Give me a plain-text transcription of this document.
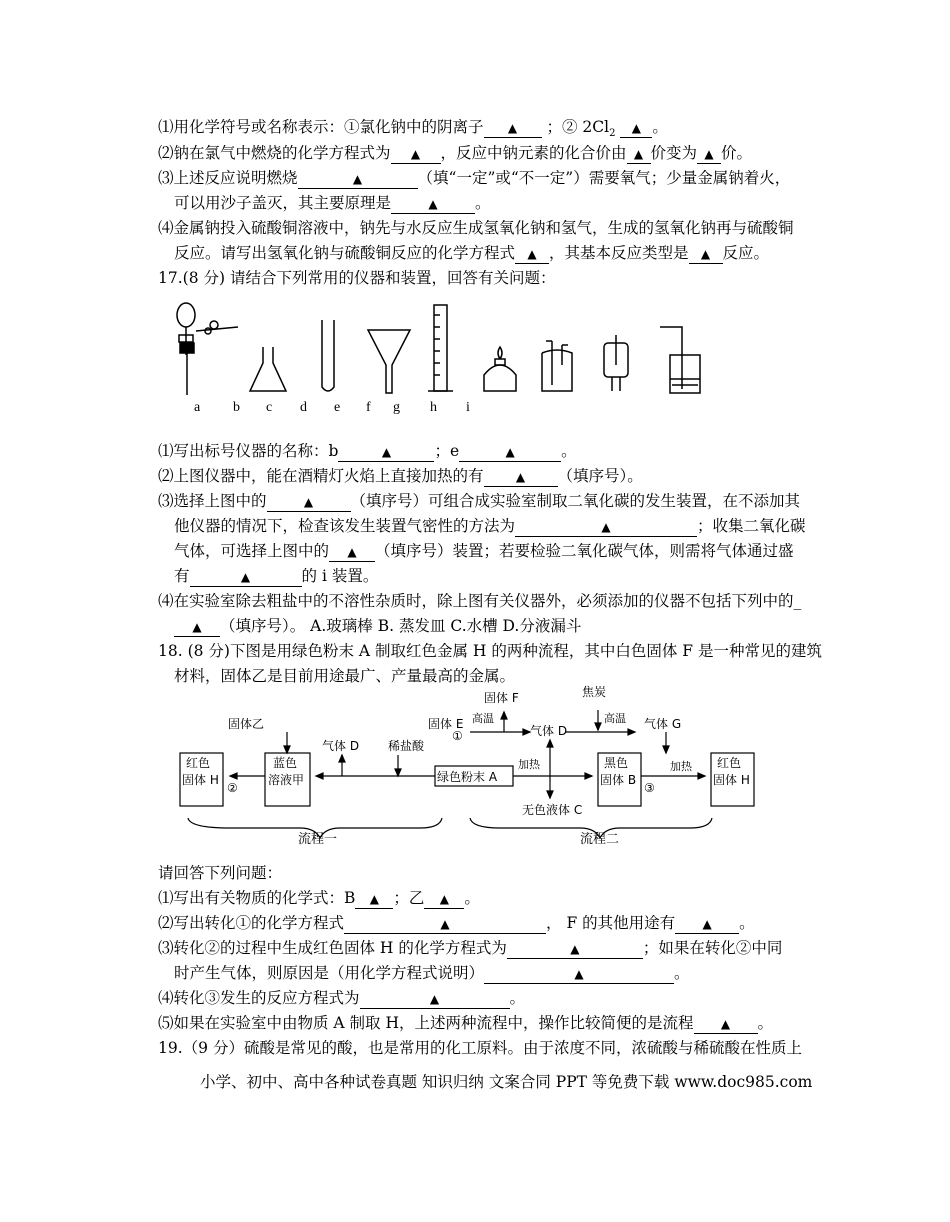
⑴用化学符号或名称表示：①氯化钠中的阴离子 ▲ ；② $2Cl_2$ ▲ 。
⑵钠在氯气中燃烧的化学方程式为 ▲ ，反应中钠元素的化合价由 ▲ 价变为 ▲ 价。
⑶上述反应说明燃烧	▲	（填“一定”或“不一定”）需要氧气；少量金属钠着火，
可以用沙子盖灭，其主要原理是	▲ 。
⑷金属钠投入硫酸铜溶液中，钠先与水反应生成氢氧化钠和氢气，生成的氢氧化钠再与硫酸铜
反应。请写出氢氧化钠与硫酸铜反应的化学方程式 ▲ ，其基本反应类型是 ▲ 反应。
17.(8 分) 请结合下列常用的仪器和装置，回答有关问题：
a b c d e f g h i
⑴写出标号仪器的名称：b	▲	；e	▲	。
⑵上图仪器中，能在酒精灯火焰上直接加热的有	▲ （填序号）。
⑶选择上图中的	▲ （填序号）可组合成实验室制取二氧化碳的发生装置，在不添加其
他仪器的情况下，检查该发生装置气密性的方法为	▲	；收集二氧化碳
气体，可选择上图中的 ▲ （填序号）装置；若要检验二氧化碳气体，则需将气体通过盛
有	▲	的 i 装置。
⑷在实验室除去粗盐中的不溶性杂质时，除上图有关仪器外，必须添加的仪器不包括下列中的_
▲ （填序号）。 A.玻璃棒 B. 蒸发皿 C.水槽 D.分液漏斗
18. (8 分)下图是用绿色粉末 A 制取红色金属 H 的两种流程，其中白色固体 F 是一种常见的建筑
材料，固体乙是目前用途最广、产量最高的金属。
红色
固体 H
蓝色
溶液甲	绿色粉末 A
黑色
固体 B
红色
固体 H
固体乙
气体 D 稀盐酸
固体 E
固体 F
高温
气体 D
焦炭
高温 气体 G
加热	加热
无色液体 C
①
②	③
流程一	流程二
请回答下列问题：
⑴写出有关物质的化学式：B ▲ ；乙 ▲ 。
⑵写出转化①的化学方程式	▲	， F 的其他用途有 ▲ 。
⑶转化②的过程中生成红色固体 H 的化学方程式为	▲	；如果在转化②中同
时产生气体，则原因是（用化学方程式说明）	▲	。
⑷转化③发生的反应方程式为	▲	。
⑸如果在实验室中由物质 A 制取 H，上述两种流程中，操作比较简便的是流程 ▲ 。
19.（9 分）硫酸是常见的酸，也是常用的化工原料。由于浓度不同，浓硫酸与稀硫酸在性质上
小学、初中、高中各种试卷真题 知识归纳 文案合同 PPT 等免费下载 www.doc985.com
